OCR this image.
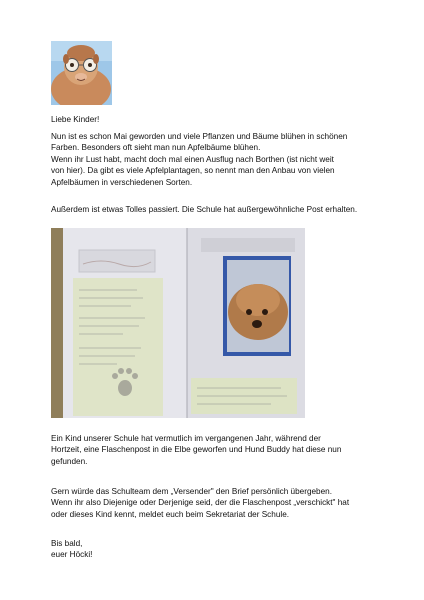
Liebe Kinder!

Nun ist es schon Mai geworden und viele Pflanzen und Bäume blühen in schönen

Farben. Besonders oft sieht man nun Apfelbäume blühen.

Wenn ihr Lust habt, macht doch mal einen Ausflug nach Borthen (ist nicht weit

von hier). Da gibt es viele Apfelplantagen, so nennt man den Anbau von vielen

Apfelbäumen in verschiedenen Sorten.

Außerdem ist etwas Tolles passiert. Die Schule hat außergewöhnliche Post erhalten.

Ein Kind unserer Schule hat vermutlich im vergangenen Jahr, während der

Hortzeit, eine Flaschenpost in die Elbe geworfen und Hund Buddy hat diese nun

gefunden.

Gern würde das Schulteam dem „Versender" den Brief persönlich übergeben.

Wenn ihr also Diejenige oder Derjenige seid, der die Flaschenpost „verschickt" hat

oder dieses Kind kennt, meldet euch beim Sekretariat der Schule.

Bis bald,

euer Höcki!
